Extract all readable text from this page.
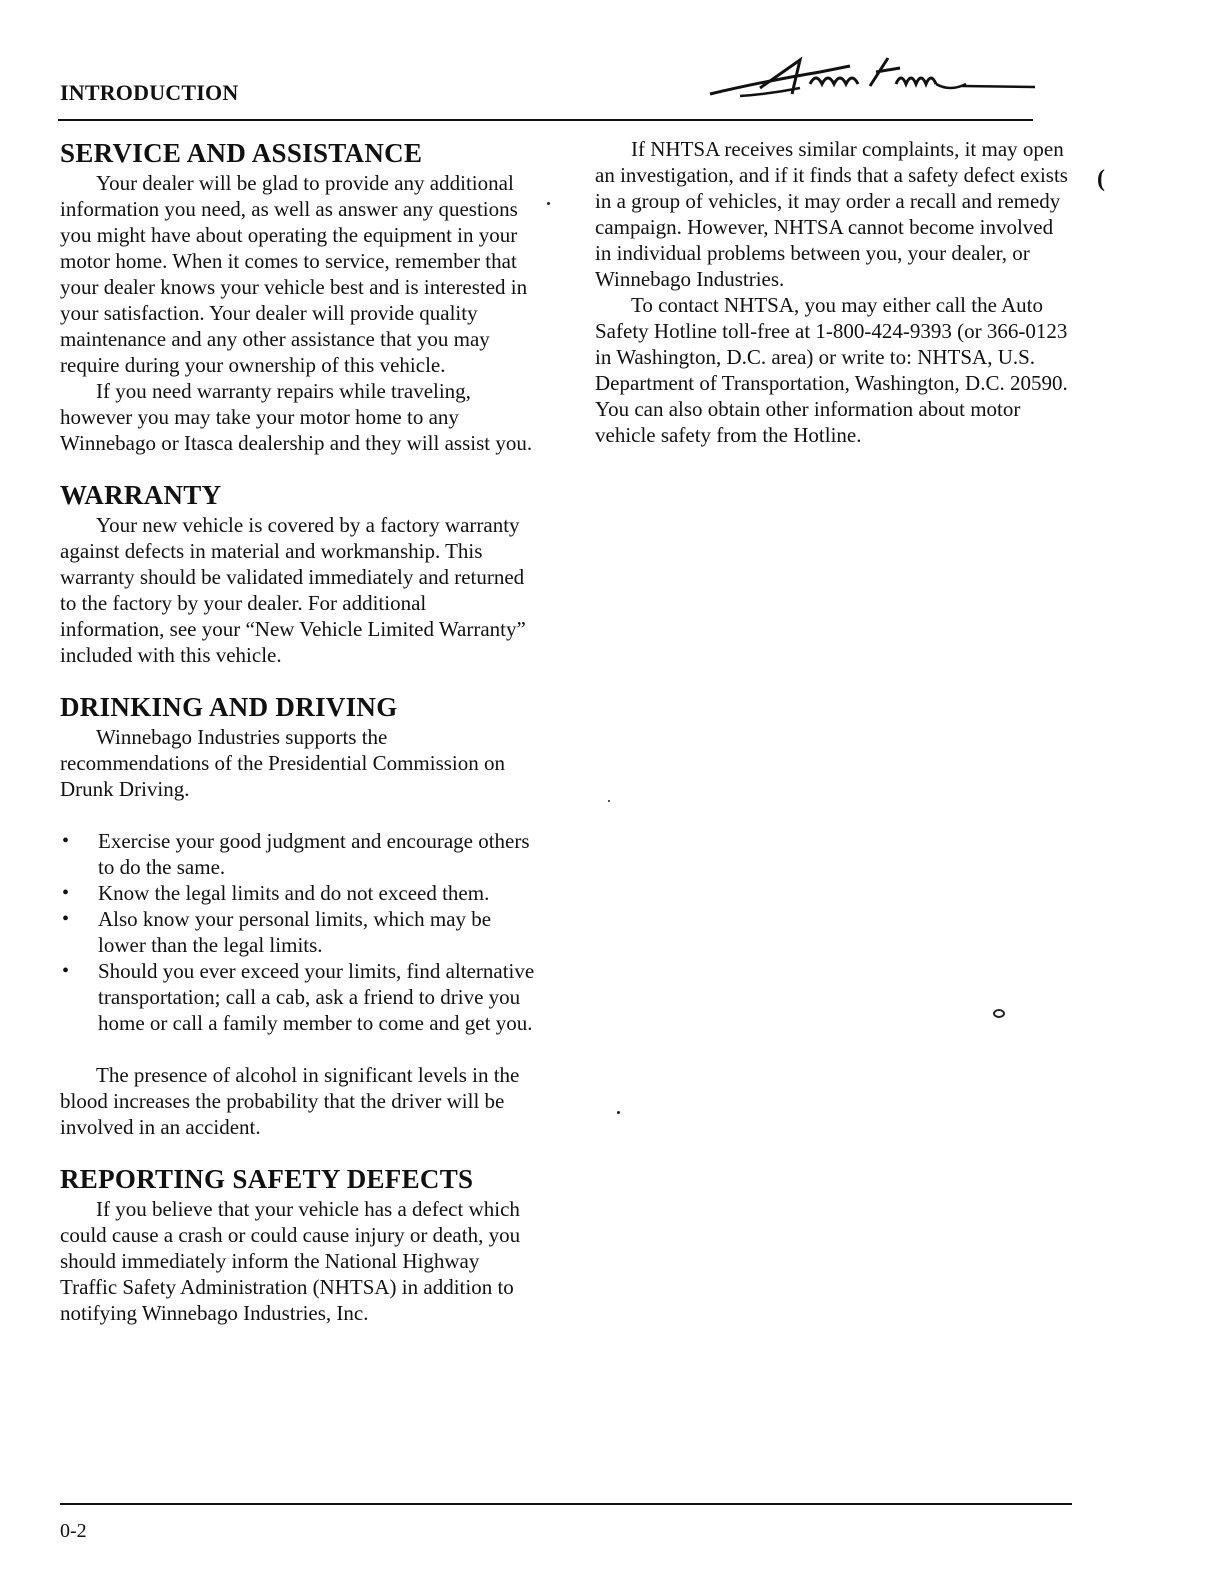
INTRODUCTION
SERVICE AND ASSISTANCE

Your dealer will be glad to provide any additional information you need, as well as answer any questions you might have about operating the equipment in your motor home. When it comes to service, remember that your dealer knows your vehicle best and is interested in your satisfaction. Your dealer will provide quality maintenance and any other assistance that you may require during your ownership of this vehicle.

If you need warranty repairs while traveling, however you may take your motor home to any Winnebago or Itasca dealership and they will assist you.

WARRANTY

Your new vehicle is covered by a factory warranty against defects in material and workmanship. This warranty should be validated immediately and returned to the factory by your dealer. For additional information, see your “New Vehicle Limited Warranty” included with this vehicle.

DRINKING AND DRIVING

Winnebago Industries supports the recommendations of the Presidential Commission on Drunk Driving.

• Exercise your good judgment and encourage others to do the same.
• Know the legal limits and do not exceed them.
• Also know your personal limits, which may be lower than the legal limits.
• Should you ever exceed your limits, find alternative transportation; call a cab, ask a friend to drive you home or call a family member to come and get you.

The presence of alcohol in significant levels in the blood increases the probability that the driver will be involved in an accident.

REPORTING SAFETY DEFECTS

If you believe that your vehicle has a defect which could cause a crash or could cause injury or death, you should immediately inform the National Highway Traffic Safety Administration (NHTSA) in addition to notifying Winnebago Industries, Inc.

If NHTSA receives similar complaints, it may open an investigation, and if it finds that a safety defect exists in a group of vehicles, it may order a recall and remedy campaign. However, NHTSA cannot become involved in individual problems between you, your dealer, or Winnebago Industries.

To contact NHTSA, you may either call the Auto Safety Hotline toll-free at 1-800-424-9393 (or 366-0123 in Washington, D.C. area) or write to: NHTSA, U.S. Department of Transportation, Washington, D.C. 20590. You can also obtain other information about motor vehicle safety from the Hotline.

(
0-2
